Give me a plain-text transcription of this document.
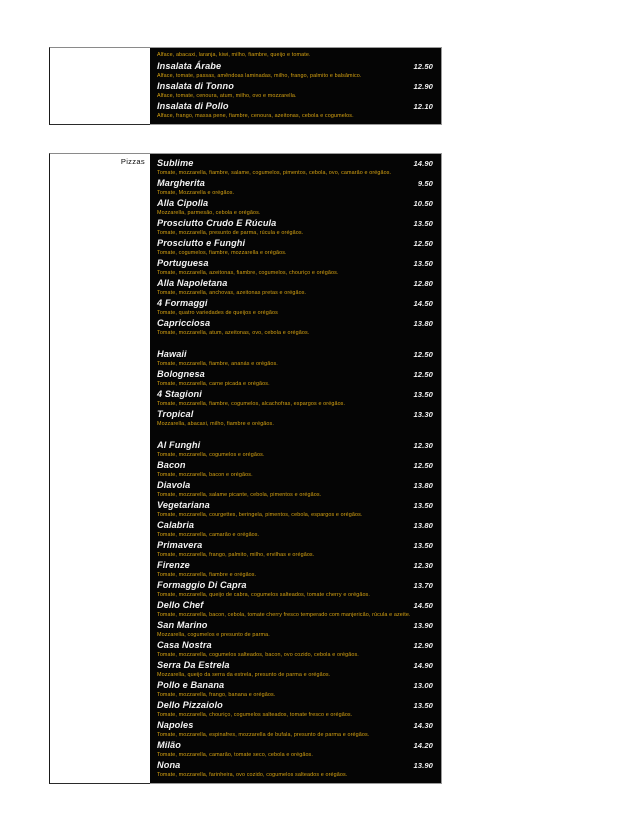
Alface, abacaxi, laranja, kiwi, milho, fiambre, queijo e tomate.
Insalata Árabe	12.50
Alface, tomate, passas, amêndoas laminadas, milho, frango, palmito e balsâmico.
Insalata di Tonno	12.90
Alface, tomate, cenoura, atum, milho, ovo e mozzarella.
Insalata di Pollo	12.10
Alface, frango, massa pene, fiambre, cenoura, azeitonas, cebola e cogumelos.
Pizzas Sublime	14.90
Tomate, mozzarella, fiambre, salame, cogumelos, pimentos, cebola, ovo, camarão e orégãos.
Margherita	9.50
Tomate, Mozzarella e orégãos.
Alla Cipolla	10.50
Mozzarella, parmesão, cebola e orégãos.
Prosciutto Crudo E Rúcula	13.50
Tomate, mozzarella, presunto de parma, rúcula e orégãos.
Prosciutto e Funghi	12.50
Tomate, cogumelos, fiambre, mozzarella e orégãos.
Portuguesa	13.50
Tomate, mozzarella, azeitonas, fiambre, cogumelos, chouriço e orégãos.
Alla Napoletana	12.80
Tomate, mozzarella, anchovas, azeitonas pretas e orégãos.
4 Formaggi	14.50
Tomate, quatro variedades de queijos e orégãos
Capricciosa	13.80
Tomate, mozzarella, atum, azeitonas, ovo, cebola e orégãos.
Hawaii	12.50
Tomate, mozzarella, fiambre, ananás e orégãos.
Bolognesa	12.50
Tomate, mozzarella, carne picada e orégãos.
4 Stagioni	13.50
Tomate, mozzarella, fiambre, cogumelos, alcachofras, espargos e orégãos.
Tropical	13.30
Mozzarella, abacaxi, milho, fiambre e orégãos.
Al Funghi	12.30
Tomate, mozzarella, cogumelos e orégãos.
Bacon	12.50
Tomate, mozzarella, bacon e orégãos.
Diavola	13.80
Tomate, mozzarella, salame picante, cebola, pimentos e orégãos.
Vegetariana	13.50
Tomate, mozzarella, courgettes, beringela, pimentos, cebola, espargos e orégãos.
Calabria	13.80
Tomate, mozzarella, camarão e orégãos.
Primavera	13.50
Tomate, mozzarella, frango, palmito, milho, ervilhas e orégãos.
Firenze	12.30
Tomate, mozzarella, fiambre e orégãos.
Formaggio Di Capra	13.70
Tomate, mozzarella, queijo de cabra, cogumelos salteados, tomate cherry e orégãos.
Dello Chef	14.50
Tomate, mozzarella, bacon, cebola, tomate cherry fresco temperado com manjericão, rúcula e azeite.
San Marino	13.90
Mozzarella, cogumelos e presunto de parma.
Casa Nostra	12.90
Tomate, mozzarella, cogumelos salteados, bacon, ovo cozido, cebola e orégãos.
Serra Da Estrela	14.90
Mozzarella, queijo da serra da estrela, presunto de parma e orégãos.
Pollo e Banana	13.00
Tomate, mozzarella, frango, banana e orégãos.
Dello Pizzaiolo	13.50
Tomate, mozzarella, chouriço, cogumelos salteados, tomate fresco e orégãos.
Napoles	14.30
Tomate, mozzarella, espinafres, mozzarella de bufala, presunto de parma e orégãos.
Milão	14.20
Tomate, mozzarella, camarão, tomate seco, cebola e orégãos.
Nona	13.90
Tomate, mozzarella, farinheira, ovo cozido, cogumelos salteados e orégãos.
